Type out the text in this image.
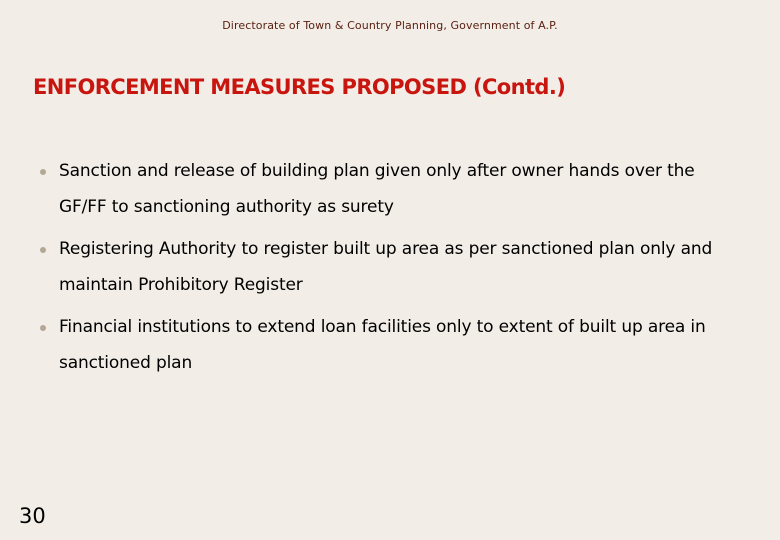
Directorate of Town & Country Planning, Government of A.P.
ENFORCEMENT MEASURES PROPOSED (Contd.)
Sanction and release of building plan given only after owner hands over the GF/FF to sanctioning authority as surety
Registering Authority to register built up area as per sanctioned plan only and maintain Prohibitory Register
Financial institutions to extend loan facilities only to extent of built up area in sanctioned plan
30
